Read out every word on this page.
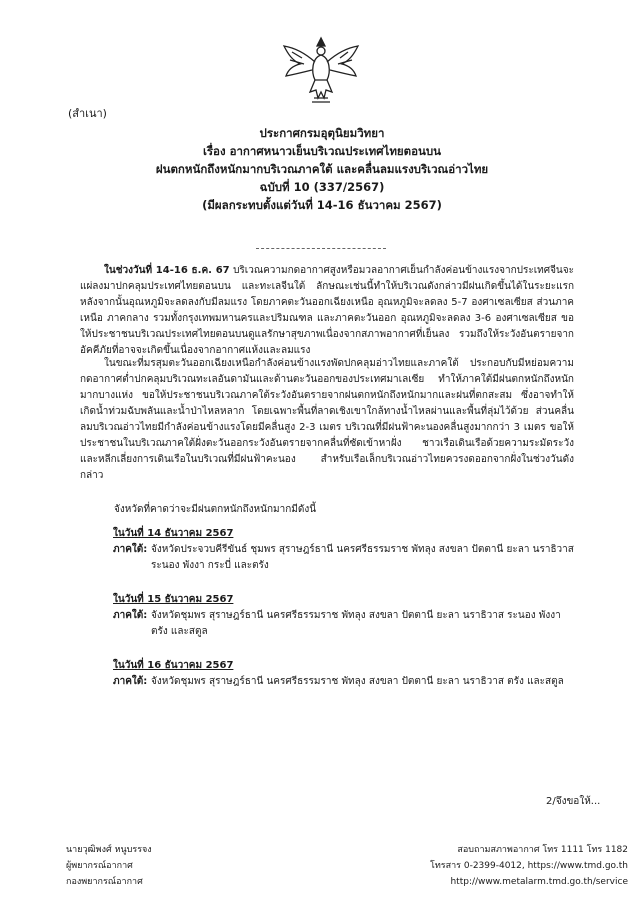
(สำเนา)
ประกาศกรมอุตุนิยมวิทยา
เรื่อง อากาศหนาวเย็นบริเวณประเทศไทยตอนบน
ฝนตกหนักถึงหนักมากบริเวณภาคใต้ และคลื่นลมแรงบริเวณอ่าวไทย
ฉบับที่ 10 (337/2567)
(มีผลกระทบตั้งแต่วันที่ 14-16 ธันวาคม 2567)
ในช่วงวันที่ 14-16 ธ.ค. 67 บริเวณความกดอากาศสูงหรือมวลอากาศเย็นกำลังค่อนข้างแรงจากประเทศจีนจะแผ่ลงมาปกคลุมประเทศไทยตอนบน และทะเลจีนใต้ ลักษณะเช่นนี้ทำให้บริเวณดังกล่าวมีฝนเกิดขึ้นได้ในระยะแรก หลังจากนั้นอุณหภูมิจะลดลงกับมีลมแรง โดยภาคตะวันออกเฉียงเหนือ อุณหภูมิจะลดลง 5-7 องศาเซลเซียส ส่วนภาคเหนือ ภาคกลาง รวมทั้งกรุงเทพมหานครและปริมณฑล และภาคตะวันออก อุณหภูมิจะลดลง 3-6 องศาเซลเซียส ขอให้ประชาชนบริเวณประเทศไทยตอนบนดูแลรักษาสุขภาพเนื่องจากสภาพอากาศที่เย็นลง รวมถึงให้ระวังอันตรายจากอัคคีภัยที่อาจจะเกิดขึ้นเนื่องจากอากาศแห้งและลมแรง
ในขณะที่มรสุมตะวันออกเฉียงเหนือกำลังค่อนข้างแรงพัดปกคลุมอ่าวไทยและภาคใต้ ประกอบกับมีหย่อมความกดอากาศต่ำปกคลุมบริเวณทะเลอันดามันและด้านตะวันออกของประเทศมาเลเซีย ทำให้ภาคใต้มีฝนตกหนักถึงหนักมากบางแห่ง ขอให้ประชาชนบริเวณภาคใต้ระวังอันตรายจากฝนตกหนักถึงหนักมากและฝนที่ตกสะสม ซึ่งอาจทำให้เกิดน้ำท่วมฉับพลันและน้ำป่าไหลหลาก โดยเฉพาะพื้นที่ลาดเชิงเขาใกล้ทางน้ำไหลผ่านและพื้นที่ลุ่มไว้ด้วย ส่วนคลื่นลมบริเวณอ่าวไทยมีกำลังค่อนข้างแรงโดยมีคลื่นสูง 2-3 เมตร บริเวณที่มีฝนฟ้าคะนองคลื่นสูงมากกว่า 3 เมตร ขอให้ประชาชนในบริเวณภาคใต้ฝั่งตะวันออกระวังอันตรายจากคลื่นที่ซัดเข้าหาฝั่ง ชาวเรือเดินเรือด้วยความระมัดระวังและหลีกเลี่ยงการเดินเรือในบริเวณที่มีฝนฟ้าคะนอง สำหรับเรือเล็กบริเวณอ่าวไทยควรงดออกจากฝั่งในช่วงวันดังกล่าว
จังหวัดที่คาดว่าจะมีฝนตกหนักถึงหนักมากมีดังนี้
ในวันที่ 14 ธันวาคม 2567
ภาคใต้: จังหวัดประจวบคีรีขันธ์ ชุมพร สุราษฎร์ธานี นครศรีธรรมราช พัทลุง สงขลา ปัตตานี ยะลา นราธิวาส ระนอง พังงา กระบี่ และตรัง
ในวันที่ 15 ธันวาคม 2567
ภาคใต้: จังหวัดชุมพร สุราษฎร์ธานี นครศรีธรรมราช พัทลุง สงขลา ปัตตานี ยะลา นราธิวาส ระนอง พังงา ตรัง และสตูล
ในวันที่ 16 ธันวาคม 2567
ภาคใต้: จังหวัดชุมพร สุราษฎร์ธานี นครศรีธรรมราช พัทลุง สงขลา ปัตตานี ยะลา นราธิวาส ตรัง และสตูล
2/จึงขอให้...
นายวุฒิพงศ์ หนูบรรจง
ผู้พยากรณ์อากาศ
กองพยากรณ์อากาศ
สอบถามสภาพอากาศ โทร 1111 โทร 1182
โทรสาร 0-2399-4012, https://www.tmd.go.th
http://www.metalarm.tmd.go.th/service
